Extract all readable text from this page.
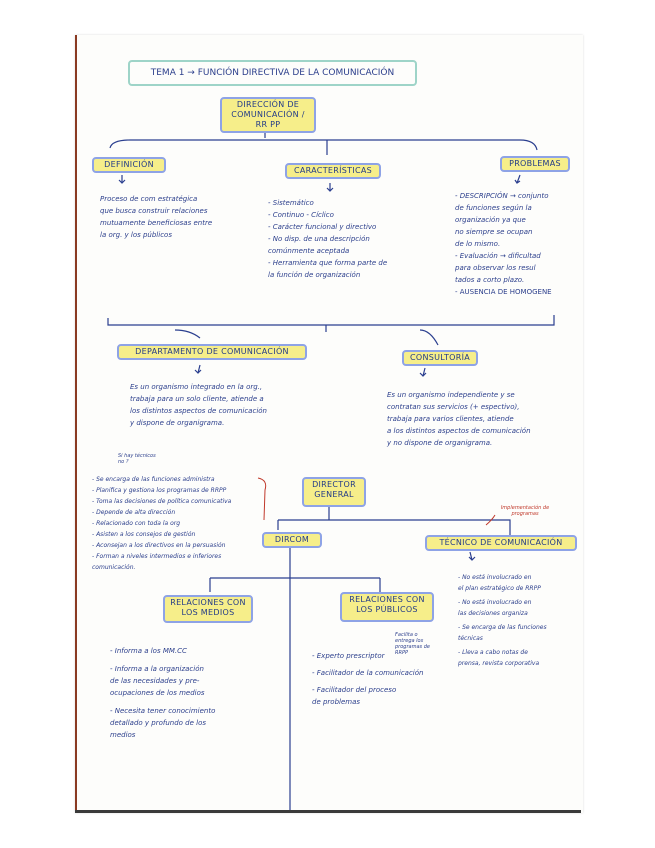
TEMA 1 → FUNCIÓN DIRECTIVA DE LA COMUNICACIÓN
DIRECCIÓN DE COMUNICACIÓN / RR PP
DEFINICIÓN
CARACTERÍSTICAS
PROBLEMAS
Proceso de com estratégica
que busca construir relaciones
mutuamente beneficiosas entre
la org. y los públicos
- Sistemático
- Continuo - Cíclico
- Carácter funcional y directivo
- No disp. de una descripción
comúnmente aceptada
- Herramienta que forma parte de
la función de organización
- DESCRIPCIÓN → conjunto
de funciones según la
organización ya que
no siempre se ocupan
de lo mismo.
- Evaluación → dificultad
para observar los resul
tados a corto plazo.
- AUSENCIA DE HOMOGENE
DEPARTAMENTO DE COMUNICACIÓN
CONSULTORÍA
Es un organismo integrado en la org.,
trabaja para un solo cliente, atiende a
los distintos aspectos de comunicación
y dispone de organigrama.
Es un organismo independiente y se
contratan sus servicios (+ espectivo),
trabaja para varios clientes, atiende
a los distintos aspectos de comunicación
y no dispone de organigrama.
Si hay técnicos
no ?
DIRECTOR GENERAL
- Se encarga de las funciones administra
- Planifica y gestiona los programas de RRPP
- Toma las decisiones de política comunicativa
- Depende de alta dirección
- Relacionado con toda la org
- Asisten a los consejos de gestión
- Aconsejan a los directivos en la persuasión
- Forman a niveles intermedios e inferiores
comunicación.
DIRCOM
Implementación de
programas
TÉCNICO DE COMUNICACIÓN
- No está involucrado en
el plan estratégico de RRPP
- No está involucrado en
las decisiones organiza
- Se encarga de las funciones
técnicas
- Lleva a cabo notas de
prensa, revista corporativa
RELACIONES CON LOS MEDIOS
RELACIONES CON LOS PÚBLICOS
Facilita o
entrega los
programas de
RRPP
- Informa a los MM.CC
- Informa a la organización
de las necesidades y pre-
ocupaciones de los medios
- Necesita tener conocimiento
detallado y profundo de los
medios
- Experto prescriptor
- Facilitador de la comunicación
- Facilitador del proceso
de problemas
